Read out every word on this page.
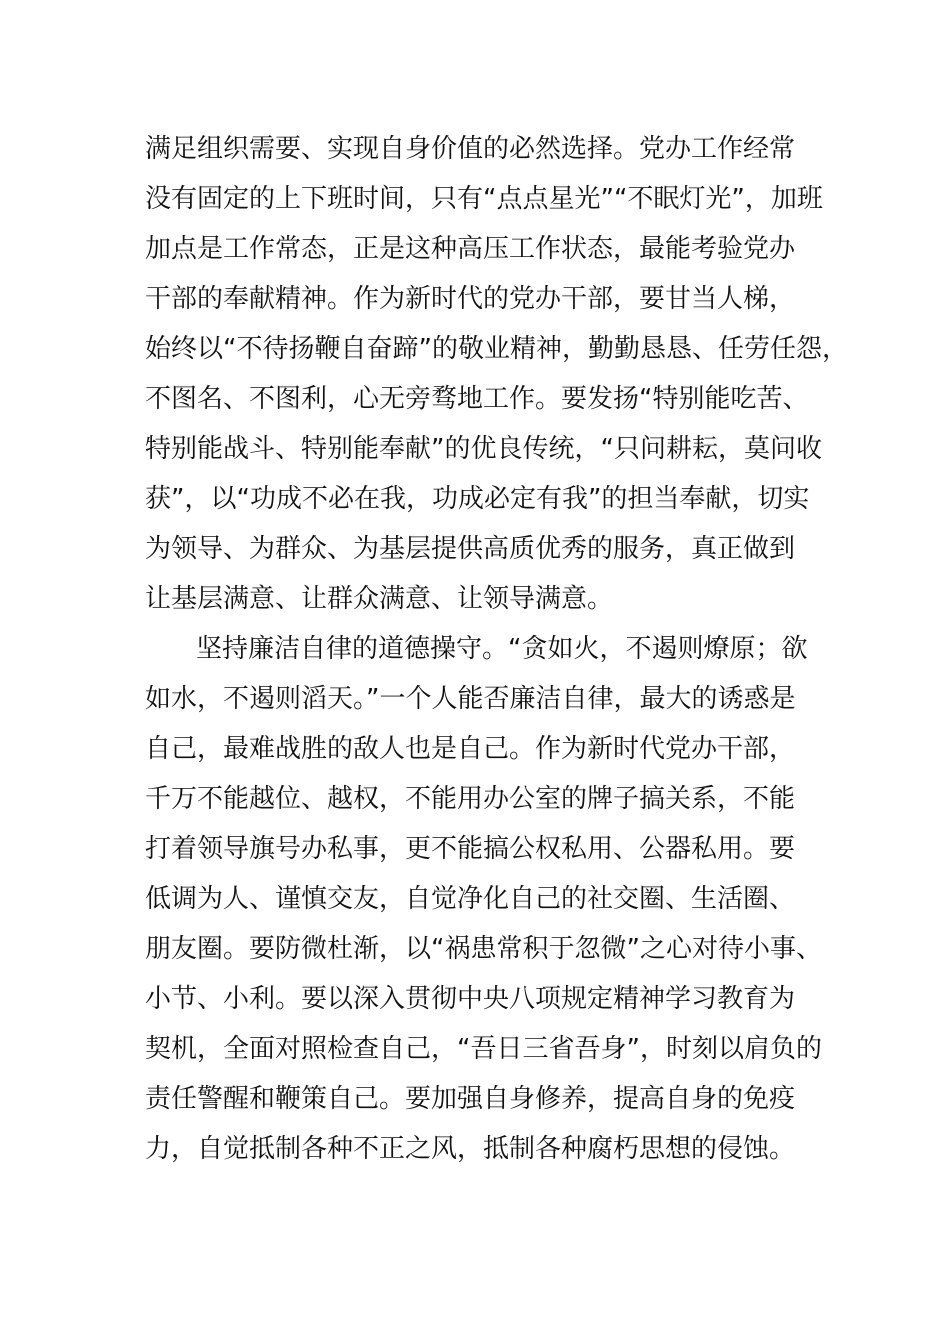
满足组织需要、实现自身价值的必然选择。党办工作经常
没有固定的上下班时间，只有“点点星光”“不眠灯光”，加班
加点是工作常态，正是这种高压工作状态，最能考验党办
干部的奉献精神。作为新时代的党办干部，要甘当人梯，
始终以“不待扬鞭自奋蹄”的敬业精神，勤勤恳恳、任劳任怨，
不图名、不图利，心无旁骛地工作。要发扬“特别能吃苦、
特别能战斗、特别能奉献”的优良传统，“只问耕耘，莫问收
获”，以“功成不必在我，功成必定有我”的担当奉献，切实
为领导、为群众、为基层提供高质优秀的服务，真正做到
让基层满意、让群众满意、让领导满意。
坚持廉洁自律的道德操守。“贪如火，不遏则燎原；欲
如水，不遏则滔天。”一个人能否廉洁自律，最大的诱惑是
自己，最难战胜的敌人也是自己。作为新时代党办干部，
千万不能越位、越权，不能用办公室的牌子搞关系，不能
打着领导旗号办私事，更不能搞公权私用、公器私用。要
低调为人、谨慎交友，自觉净化自己的社交圈、生活圈、
朋友圈。要防微杜渐，以“祸患常积于忽微”之心对待小事、
小节、小利。要以深入贯彻中央八项规定精神学习教育为
契机，全面对照检查自己，“吾日三省吾身”，时刻以肩负的
责任警醒和鞭策自己。要加强自身修养，提高自身的免疫
力，自觉抵制各种不正之风，抵制各种腐朽思想的侵蚀。
